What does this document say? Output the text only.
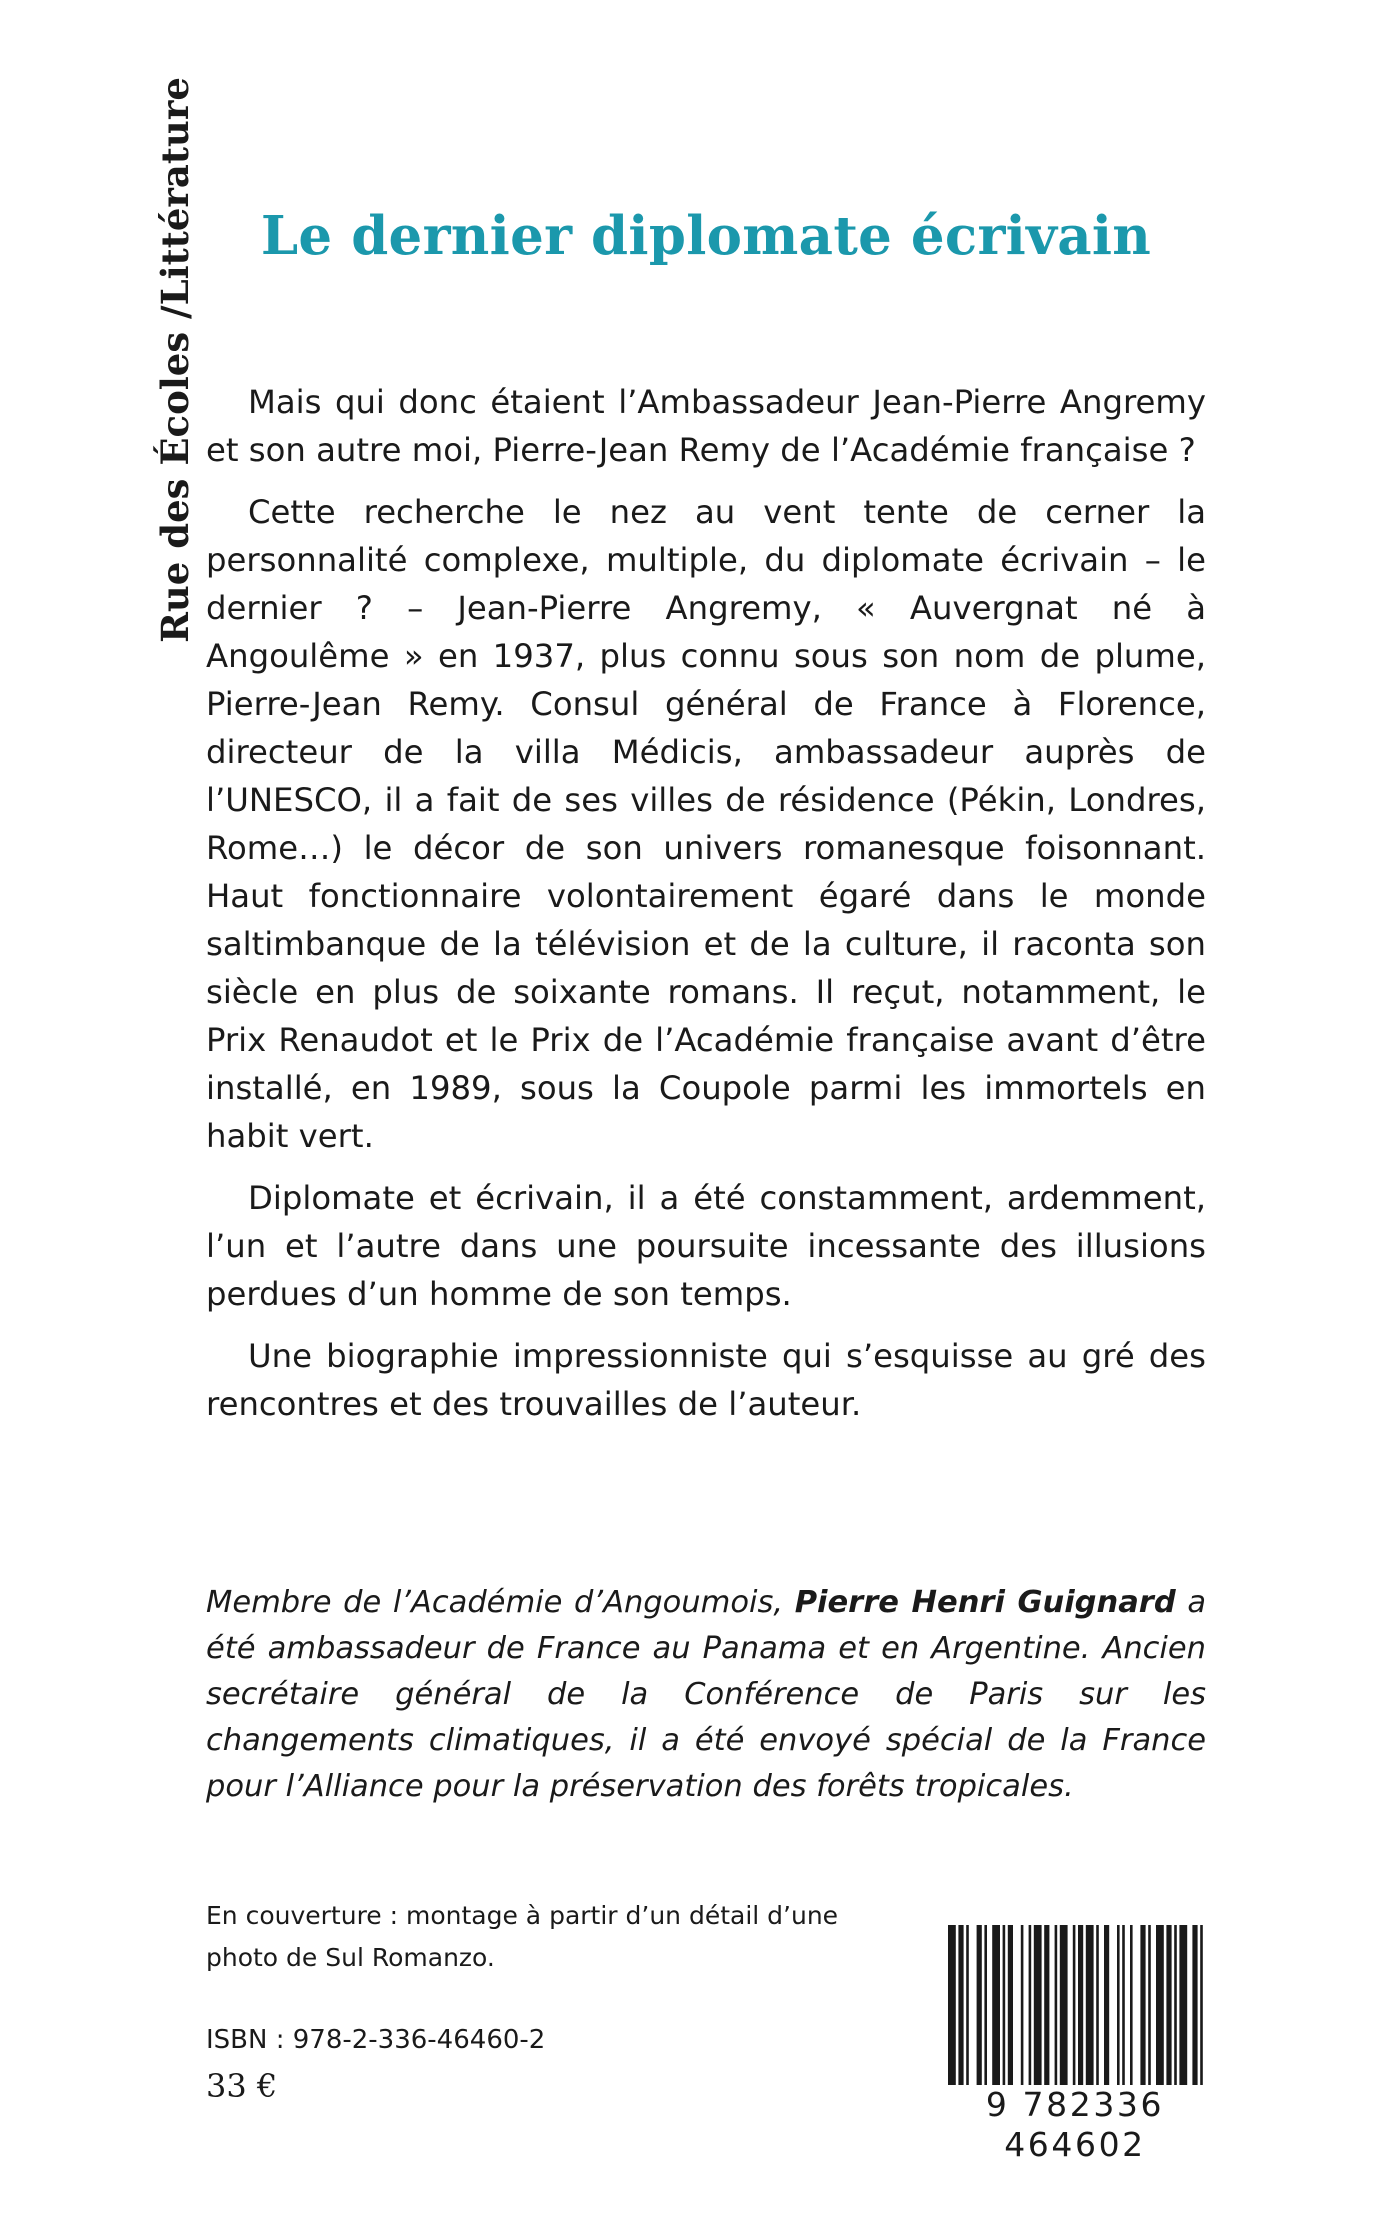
Rue des Écoles /Littérature	Le dernier diplomate écrivain

Mais qui donc étaient l’Ambassadeur Jean-Pierre Angremy et son autre moi, Pierre-Jean Remy de l’Académie française ?

Cette recherche le nez au vent tente de cerner la personnalité complexe, multiple, du diplomate écrivain – le dernier ? – Jean-Pierre Angremy, « Auvergnat né à Angoulême » en 1937, plus connu sous son nom de plume, Pierre-Jean Remy. Consul général de France à Florence, directeur de la villa Médicis, ambassadeur auprès de l’UNESCO, il a fait de ses villes de résidence (Pékin, Londres, Rome…) le décor de son univers romanesque foisonnant. Haut fonctionnaire volontairement égaré dans le monde saltimbanque de la télévision et de la culture, il raconta son siècle en plus de soixante romans. Il reçut, notamment, le Prix Renaudot et le Prix de l’Académie française avant d’être installé, en 1989, sous la Coupole parmi les immortels en habit vert.

Diplomate et écrivain, il a été constamment, ardemment, l’un et l’autre dans une poursuite incessante des illusions perdues d’un homme de son temps.

Une biographie impressionniste qui s’esquisse au gré des rencontres et des trouvailles de l’auteur.

Membre de l’Académie d’Angoumois, Pierre Henri Guignard a été ambassadeur de France au Panama et en Argentine. Ancien secrétaire général de la Conférence de Paris sur les changements climatiques, il a été envoyé spécial de la France pour l’Alliance pour la préservation des forêts tropicales.

En couverture : montage à partir d’un détail d’une photo de Sul Romanzo.

ISBN : 978-2-336-46460-2

33 €	9 782336 464602
